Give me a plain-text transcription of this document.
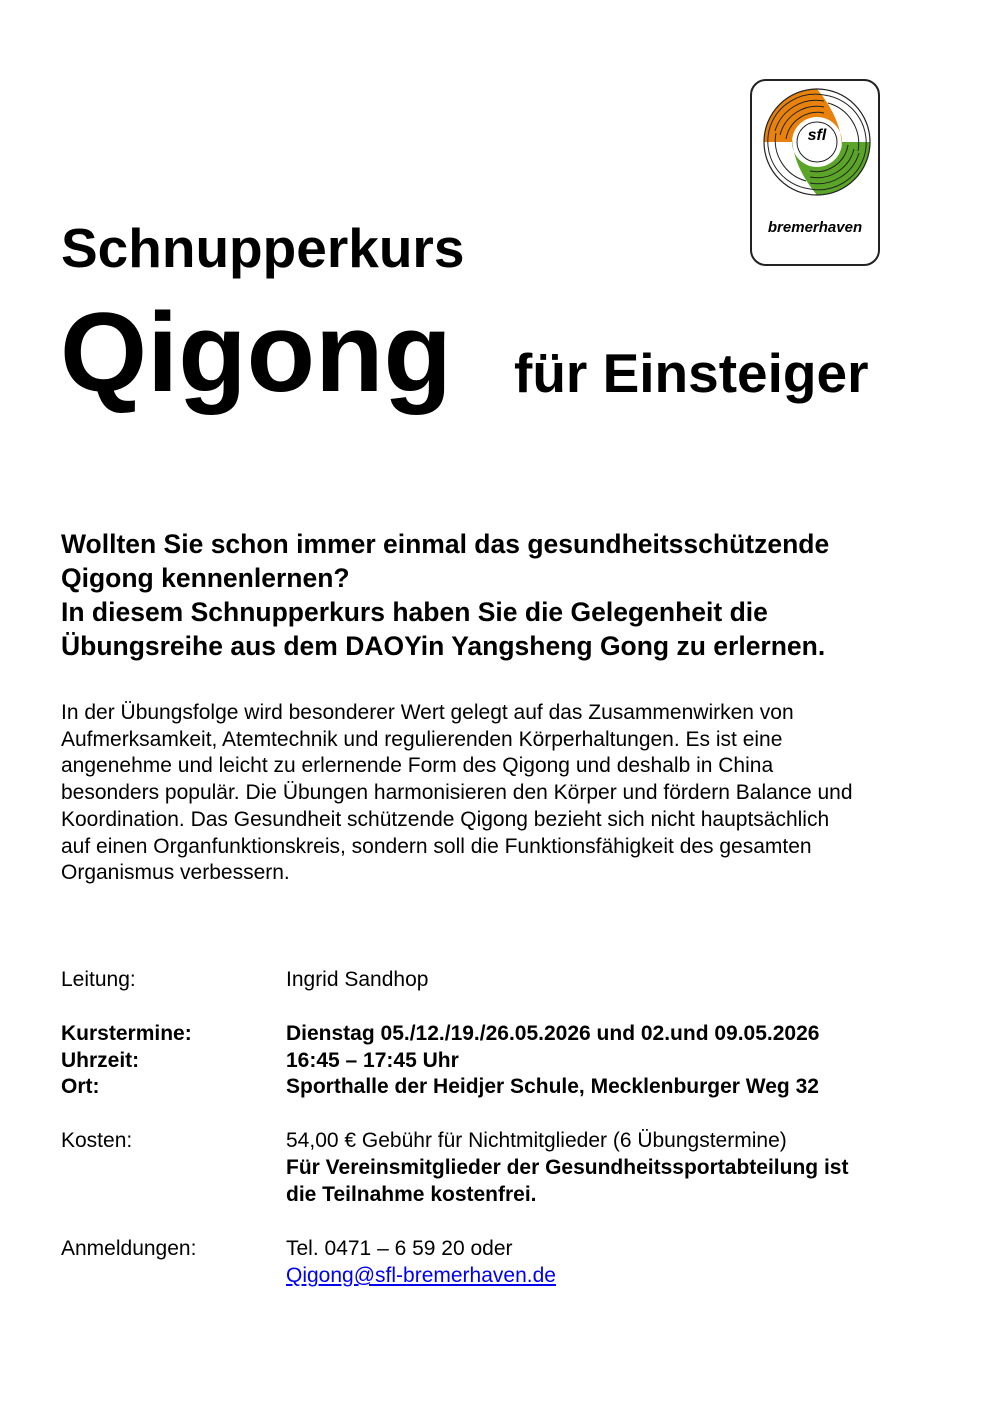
sfl
bremerhaven
Schnupperkurs
Qigong für Einsteiger
Wollten Sie schon immer einmal das gesundheitsschützende
Qigong kennenlernen?
In diesem Schnupperkurs haben Sie die Gelegenheit die
Übungsreihe aus dem DAOYin Yangsheng Gong zu erlernen.
In der Übungsfolge wird besonderer Wert gelegt auf das Zusammenwirken von
Aufmerksamkeit, Atemtechnik und regulierenden Körperhaltungen. Es ist eine
angenehme und leicht zu erlernende Form des Qigong und deshalb in China
besonders populär. Die Übungen harmonisieren den Körper und fördern Balance und
Koordination. Das Gesundheit schützende Qigong bezieht sich nicht hauptsächlich
auf einen Organfunktionskreis, sondern soll die Funktionsfähigkeit des gesamten
Organismus verbessern.
Leitung:	Ingrid Sandhop
Kurstermine:	Dienstag 05./12./19./26.05.2026 und 02.und 09.05.2026
Uhrzeit:	16:45 – 17:45 Uhr
Ort:	Sporthalle der Heidjer Schule, Mecklenburger Weg 32
Kosten:	54,00 € Gebühr für Nichtmitglieder (6 Übungstermine)
Für Vereinsmitglieder der Gesundheitssportabteilung ist
die Teilnahme kostenfrei.
Anmeldungen:	Tel. 0471 – 6 59 20 oder
Qigong@sfl-bremerhaven.de
